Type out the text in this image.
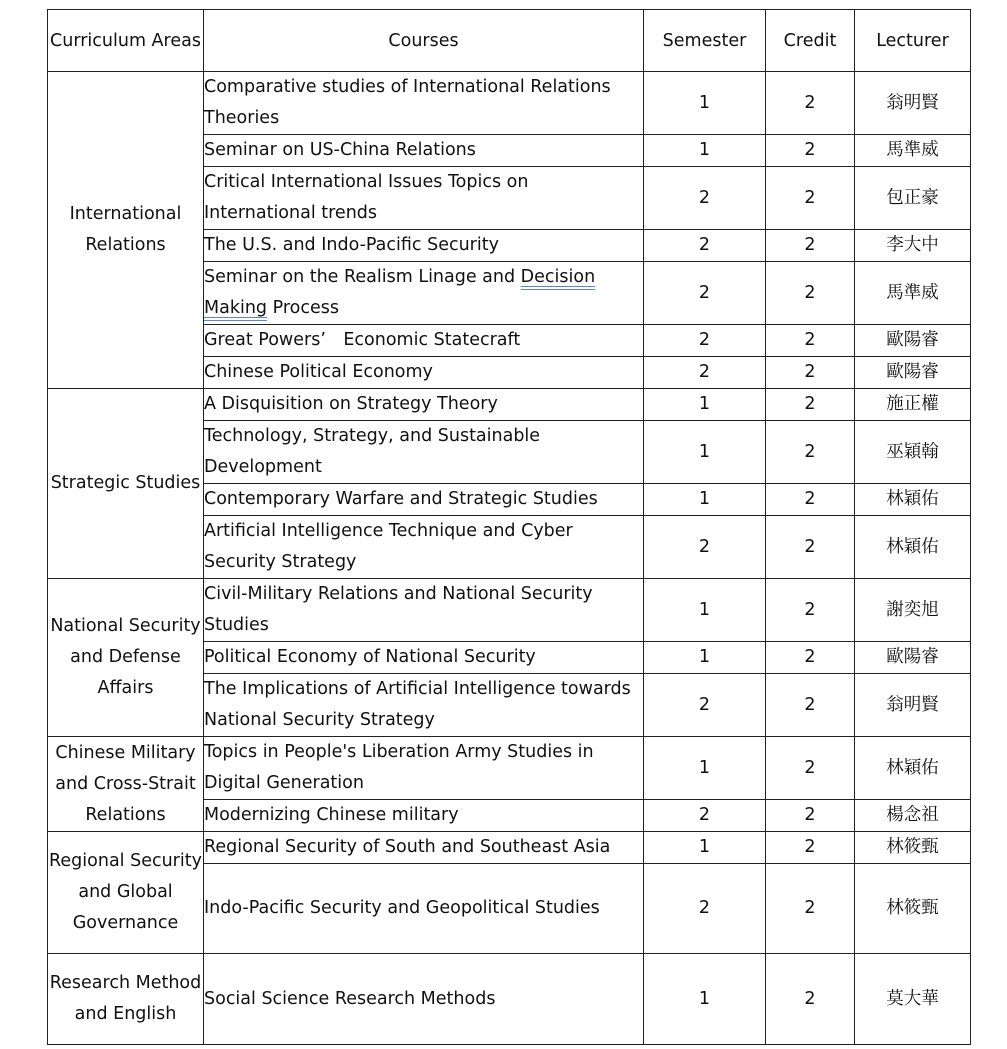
Curriculum Areas	Courses	Semester	Credit	Lecturer
International Relations	Comparative studies of International Relations Theories	1	2	翁明賢
	Seminar on US-China Relations	1	2	馬準威
	Critical International Issues Topics on International trends	2	2	包正豪
	The U.S. and Indo-Pacific Security	2	2	李大中
	Seminar on the Realism Linage and Decision Making Process	2	2	馬準威
	Great Powers’　Economic Statecraft	2	2	歐陽睿
	Chinese Political Economy	2	2	歐陽睿
Strategic Studies	A Disquisition on Strategy Theory	1	2	施正權
	Technology, Strategy, and Sustainable Development	1	2	巫穎翰
	Contemporary Warfare and Strategic Studies	1	2	林穎佑
	Artificial Intelligence Technique and Cyber Security Strategy	2	2	林穎佑
National Security and Defense Affairs	Civil-Military Relations and National Security Studies	1	2	謝奕旭
	Political Economy of National Security	1	2	歐陽睿
	The Implications of Artificial Intelligence towards National Security Strategy	2	2	翁明賢
Chinese Military and Cross-Strait Relations	Topics in People's Liberation Army Studies in Digital Generation	1	2	林穎佑
	Modernizing Chinese military	2	2	楊念祖
Regional Security and Global Governance	Regional Security of South and Southeast Asia	1	2	林筱甄
	Indo-Pacific Security and Geopolitical Studies	2	2	林筱甄
Research Method and English	Social Science Research Methods	1	2	莫大華
